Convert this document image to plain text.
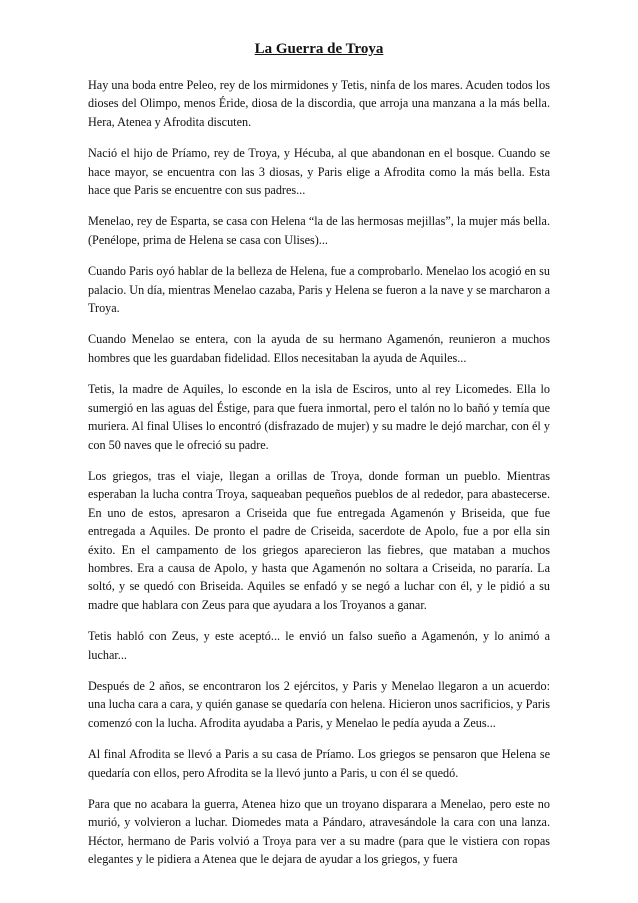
La Guerra de Troya

Hay una boda entre Peleo, rey de los mirmidones y Tetis, ninfa de los mares. Acuden todos los dioses del Olimpo, menos Éride, diosa de la discordia, que arroja una manzana a la más bella. Hera, Atenea y Afrodita discuten.

Nació el hijo de Príamo, rey de Troya, y Hécuba, al que abandonan en el bosque. Cuando se hace mayor, se encuentra con las 3 diosas, y Paris elige a Afrodita como la más bella. Esta hace que Paris se encuentre con sus padres...

Menelao, rey de Esparta, se casa con Helena “la de las hermosas mejillas”, la mujer más bella. (Penélope, prima de Helena se casa con Ulises)...

Cuando Paris oyó hablar de la belleza de Helena, fue a comprobarlo. Menelao los acogió en su palacio. Un día, mientras Menelao cazaba, Paris y Helena se fueron a la nave y se marcharon a Troya.

Cuando Menelao se entera, con la ayuda de su hermano Agamenón, reunieron a muchos hombres que les guardaban fidelidad. Ellos necesitaban la ayuda de Aquiles...

Tetis, la madre de Aquiles, lo esconde en la isla de Esciros, unto al rey Licomedes. Ella lo sumergió en las aguas del Éstige, para que fuera inmortal, pero el talón no lo bañó y temía que muriera. Al final Ulises lo encontró (disfrazado de mujer) y su madre le dejó marchar, con él y con 50 naves que le ofreció su padre.

Los griegos, tras el viaje, llegan a orillas de Troya, donde forman un pueblo. Mientras esperaban la lucha contra Troya, saqueaban pequeños pueblos de al rededor, para abastecerse. En uno de estos, apresaron a Criseida que fue entregada Agamenón y Briseida, que fue entregada a Aquiles. De pronto el padre de Criseida, sacerdote de Apolo, fue a por ella sin éxito. En el campamento de los griegos aparecieron las fiebres, que mataban a muchos hombres. Era a causa de Apolo, y hasta que Agamenón no soltara a Criseida, no pararía. La soltó, y se quedó con Briseida. Aquiles se enfadó y se negó a luchar con él, y le pidió a su madre que hablara con Zeus para que ayudara a los Troyanos a ganar.

Tetis habló con Zeus, y este aceptó... le envió un falso sueño a Agamenón, y lo animó a luchar...

Después de 2 años, se encontraron los 2 ejércitos, y Paris y Menelao llegaron a un acuerdo: una lucha cara a cara, y quién ganase se quedaría con helena. Hicieron unos sacrificios, y Paris comenzó con la lucha. Afrodita ayudaba a Paris, y Menelao le pedía ayuda a Zeus...

Al final Afrodita se llevó a Paris a su casa de Príamo. Los griegos se pensaron que Helena se quedaría con ellos, pero Afrodita se la llevó junto a Paris, u con él se quedó.

Para que no acabara la guerra, Atenea hizo que un troyano disparara a Menelao, pero este no murió, y volvieron a luchar. Diomedes mata a Pándaro, atravesándole la cara con una lanza. Héctor, hermano de Paris volvió a Troya para ver a su madre (para que le vistiera con ropas elegantes y le pidiera a Atenea que le dejara de ayudar a los griegos, y fuera
